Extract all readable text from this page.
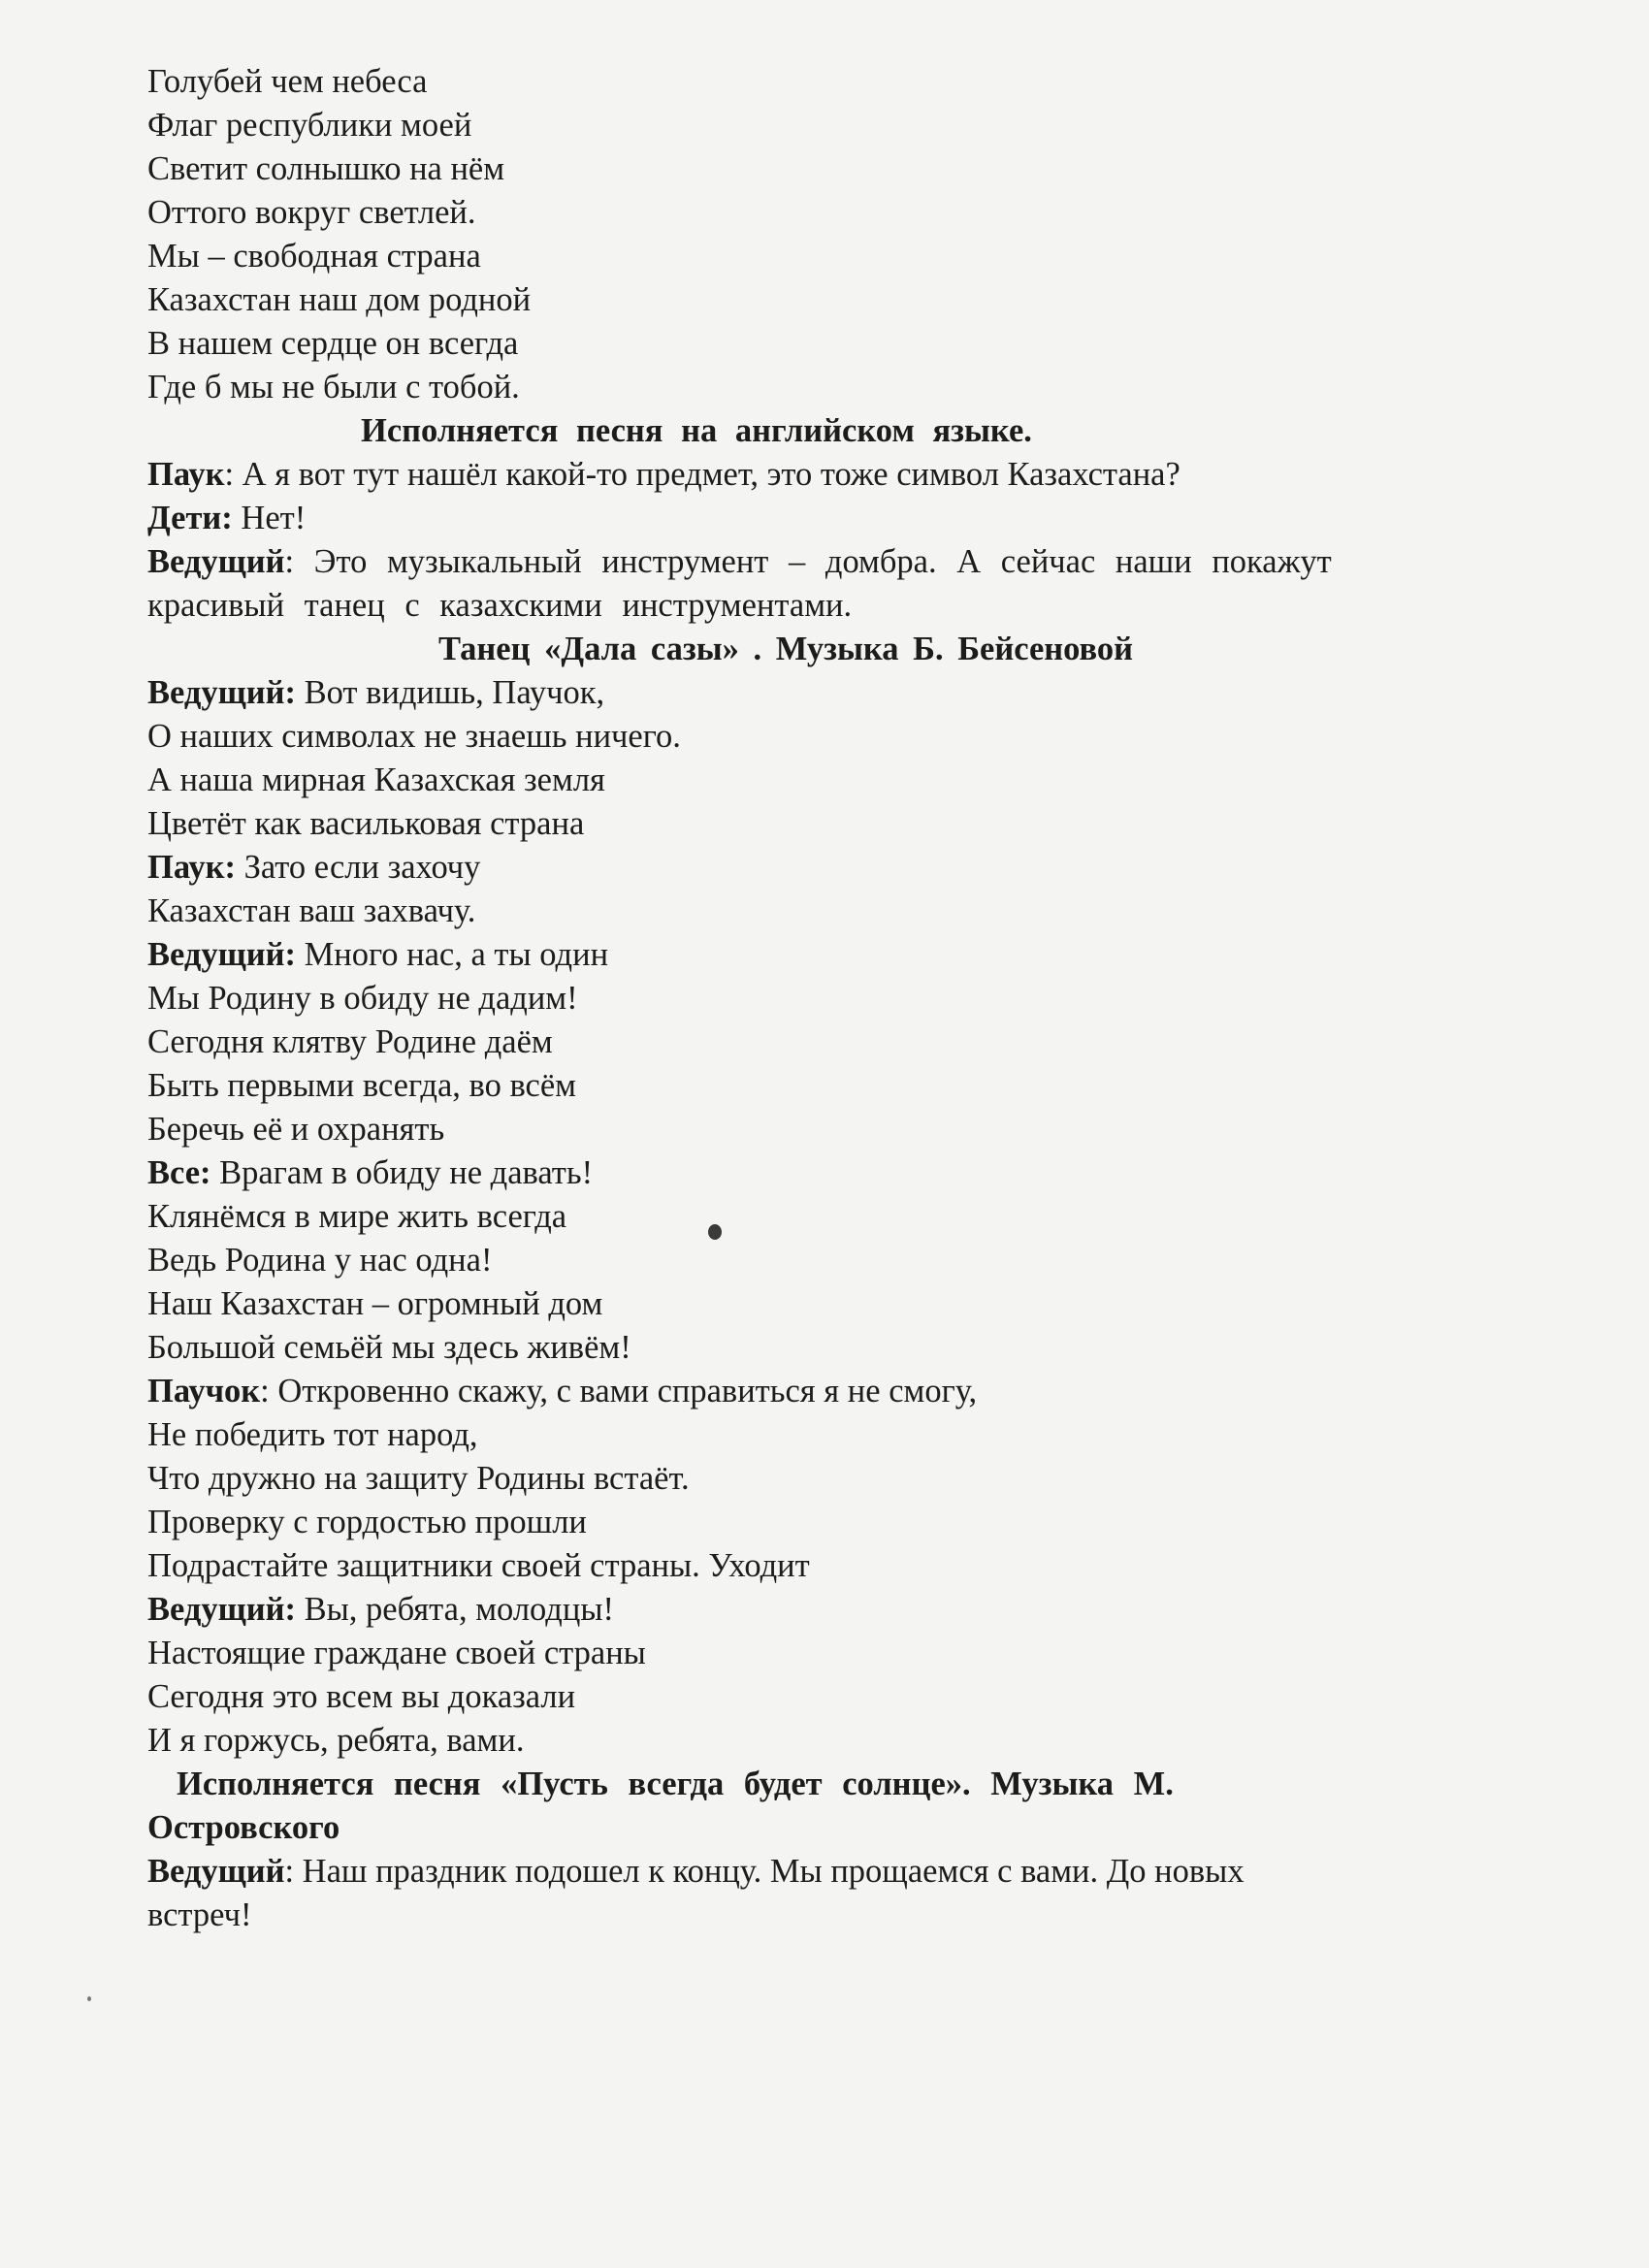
Голубей чем небеса
Флаг республики моей
Светит солнышко на нём
Оттого вокруг светлей.
Мы – свободная страна
Казахстан наш дом родной
В нашем сердце он всегда
Где б мы не были с тобой.
Исполняется песня на английском языке.
Паук: А я вот тут нашёл какой-то предмет, это тоже символ Казахстана?
Дети: Нет!
Ведущий: Это музыкальный инструмент – домбра. А сейчас наши покажут
красивый танец с казахскими инструментами.
Танец «Дала сазы» . Музыка Б. Бейсеновой
Ведущий: Вот видишь, Паучок,
О наших символах не знаешь ничего.
А наша мирная Казахская земля
Цветёт как васильковая страна
Паук: Зато если захочу
Казахстан ваш захвачу.
Ведущий: Много нас, а ты один
Мы Родину в обиду не дадим!
Сегодня клятву Родине даём
Быть первыми всегда, во всём
Беречь её и охранять
Все: Врагам в обиду не давать!
Клянёмся в мире жить всегда
Ведь Родина у нас одна!
Наш Казахстан – огромный дом
Большой семьёй мы здесь живём!
Паучок: Откровенно скажу, с вами справиться я не смогу,
Не победить тот народ,
Что дружно на защиту Родины встаёт.
Проверку с гордостью прошли
Подрастайте защитники своей страны. Уходит
Ведущий: Вы, ребята, молодцы!
Настоящие граждане своей страны
Сегодня это всем вы доказали
И я горжусь, ребята, вами.
Исполняется песня «Пусть всегда будет солнце». Музыка М.
Островского
Ведущий: Наш праздник подошел к концу. Мы прощаемся с вами. До новых
встреч!
